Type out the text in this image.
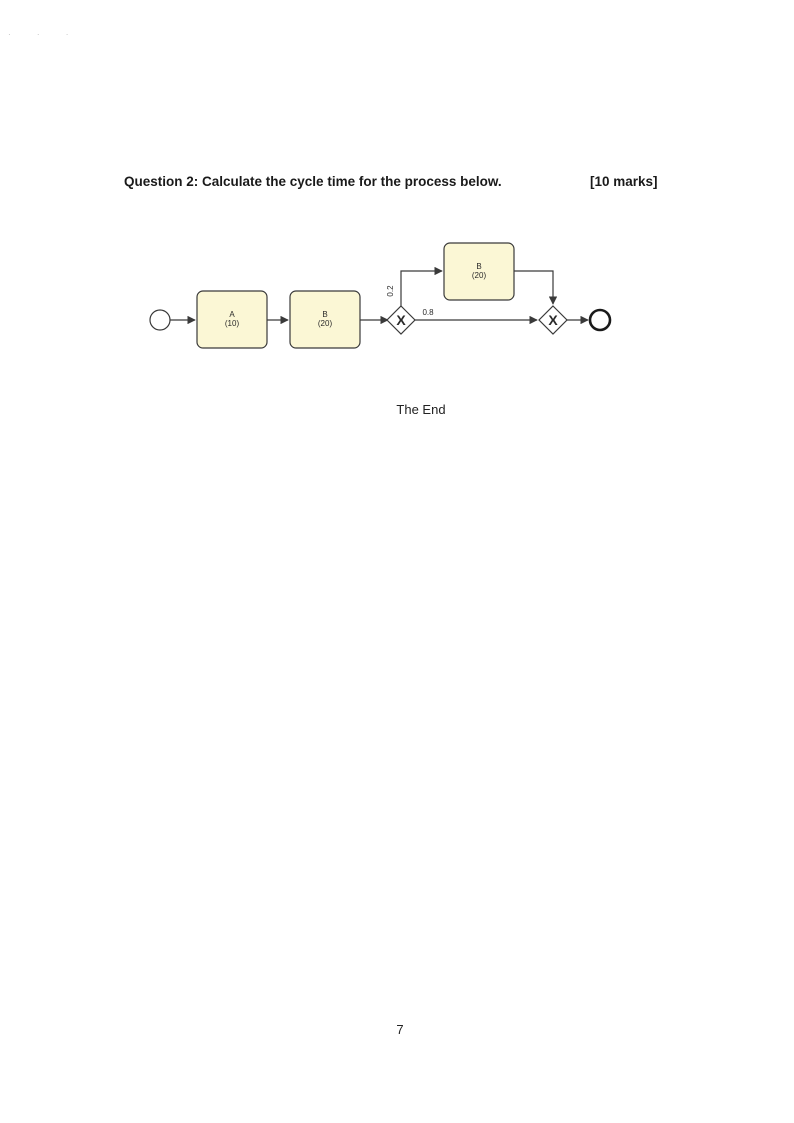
· · ·
Question 2: Calculate the cycle time for the process below.	[10 marks]
A
(10)
B
(20)	X
0.2
B
(20)
0.8	X
The End
7
